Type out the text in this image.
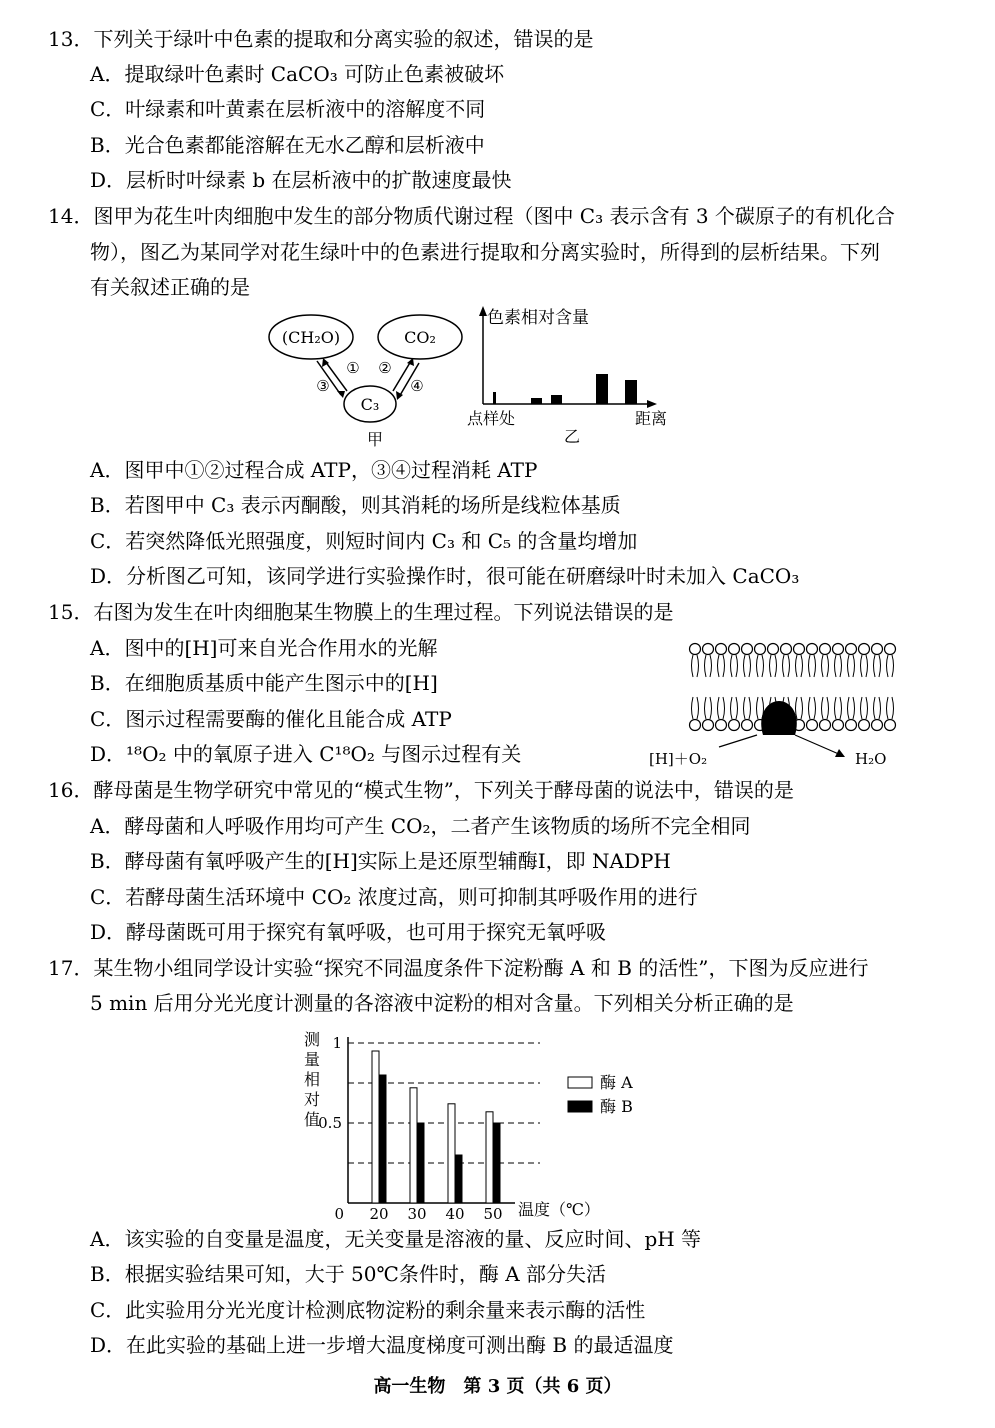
13．下列关于绿叶中色素的提取和分离实验的叙述，错误的是
A．提取绿叶色素时 CaCO₃ 可防止色素被破坏
C．叶绿素和叶黄素在层析液中的溶解度不同
B．光合色素都能溶解在无水乙醇和层析液中
D．层析时叶绿素 b 在层析液中的扩散速度最快
14．图甲为花生叶肉细胞中发生的部分物质代谢过程（图中 C₃ 表示含有 3 个碳原子的有机化合
物），图乙为某同学对花生绿叶中的色素进行提取和分离实验时，所得到的层析结果。下列
有关叙述正确的是
(CH₂O)	CO₂
C₃
①
③
②
④
甲
色素相对含量
点样处	距离
乙
A．图甲中①②过程合成 ATP，③④过程消耗 ATP
B．若图甲中 C₃ 表示丙酮酸，则其消耗的场所是线粒体基质
C．若突然降低光照强度，则短时间内 C₃ 和 C₅ 的含量均增加
D．分析图乙可知，该同学进行实验操作时，很可能在研磨绿叶时未加入 CaCO₃
15．右图为发生在叶肉细胞某生物膜上的生理过程。下列说法错误的是
A．图中的[H]可来自光合作用水的光解
B．在细胞质基质中能产生图示中的[H]
C．图示过程需要酶的催化且能合成 ATP
D．¹⁸O₂ 中的氧原子进入 C¹⁸O₂ 与图示过程有关	[H]＋O₂	H₂O
16．酵母菌是生物学研究中常见的“模式生物”，下列关于酵母菌的说法中，错误的是
A．酵母菌和人呼吸作用均可产生 CO₂，二者产生该物质的场所不完全相同
B．酵母菌有氧呼吸产生的[H]实际上是还原型辅酶I，即 NADPH
C．若酵母菌生活环境中 CO₂ 浓度过高，则可抑制其呼吸作用的进行
D．酵母菌既可用于探究有氧呼吸，也可用于探究无氧呼吸
17．某生物小组同学设计实验“探究不同温度条件下淀粉酶 A 和 B 的活性”，下图为反应进行
5 min 后用分光光度计测量的各溶液中淀粉的相对含量。下列相关分析正确的是
测 量相对值
0
0.5
1
20 30 40 50 温度（℃）
酶 A
酶 B
A．该实验的自变量是温度，无关变量是溶液的量、反应时间、pH 等
B．根据实验结果可知，大于 50℃条件时，酶 A 部分失活
C．此实验用分光光度计检测底物淀粉的剩余量来表示酶的活性
D．在此实验的基础上进一步增大温度梯度可测出酶 B 的最适温度
高一生物　第 3 页（共 6 页）
